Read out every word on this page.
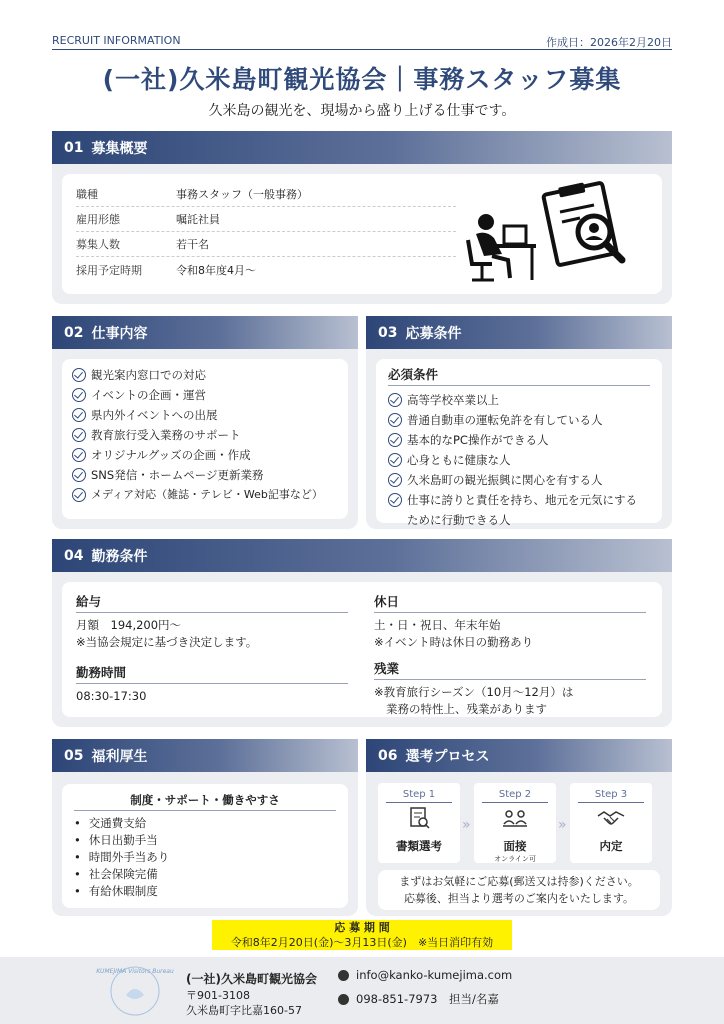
RECRUIT INFORMATION	作成日：2026年2月20日
(一社)久米島町観光協会｜事務スタッフ募集
久米島の観光を、現場から盛り上げる仕事です。
01 募集概要
職種	事務スタッフ（一般事務）
雇用形態	嘱託社員
募集人数	若干名
採用予定時期	令和8年度4月〜
02 仕事内容
観光案内窓口での対応
イベントの企画・運営
県内外イベントへの出展
教育旅行受入業務のサポート
オリジナルグッズの企画・作成
SNS発信・ホームページ更新業務
メディア対応（雑誌・テレビ・Web記事など）
03 応募条件
必須条件
高等学校卒業以上
普通自動車の運転免許を有している人
基本的なPC操作ができる人
心身ともに健康な人
久米島町の観光振興に関心を有する人
仕事に誇りと責任を持ち、地元を元気にするために行動できる人
04 勤務条件
給与
月額　194,200円〜
※当協会規定に基づき決定します。
勤務時間
08:30-17:30
休日
土・日・祝日、年末年始
※イベント時は休日の勤務あり
残業
※教育旅行シーズン（10月〜12月）は
業務の特性上、残業があります
05 福利厚生
制度・サポート・働きやすさ
• 交通費支給
• 休日出勤手当
• 時間外手当あり
• 社会保険完備
• 有給休暇制度
06 選考プロセス
Step 1
書類選考
»
Step 2
面接
オンライン可
»
Step 3
内定
まずはお気軽にご応募(郵送又は持参)ください。
応募後、担当より選考のご案内をいたします。
応 募 期 間
令和8年2月20日(金)〜3月13日(金)　※当日消印有効
KUMEJIMA Visitors Bureau
(一社)久米島町観光協会
〒901-3108
久米島町字比嘉160-57
info@kanko-kumejima.com
098-851-7973　 担当/名嘉
